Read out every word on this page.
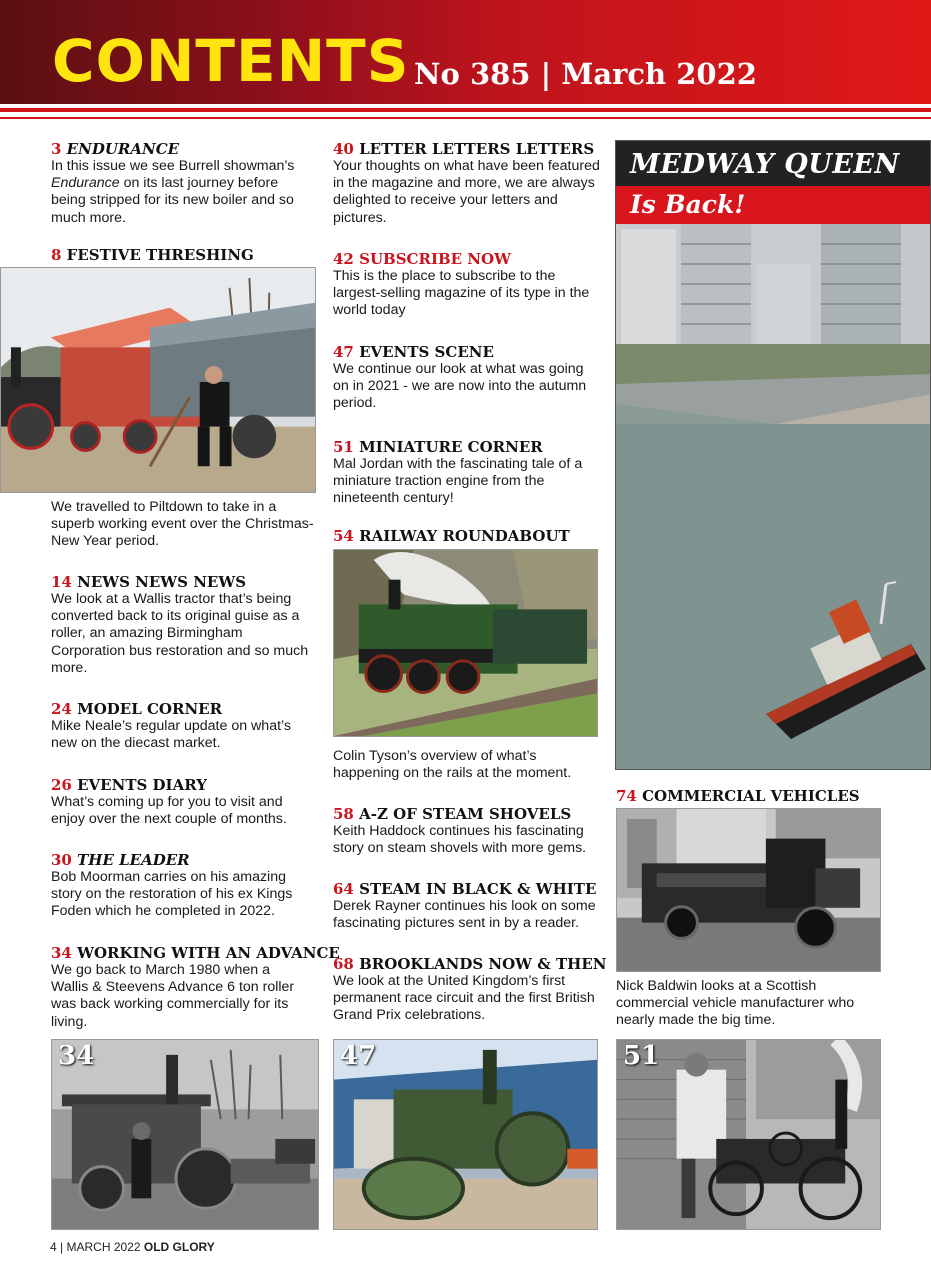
CONTENTS No 385 | March 2022
3 ENDURANCE
In this issue we see Burrell showman’s Endurance on its last journey before being stripped for its new boiler and so much more.
8 FESTIVE THRESHING
We travelled to Piltdown to take in a superb working event over the Christmas-New Year period.
14 NEWS NEWS NEWS
We look at a Wallis tractor that’s being converted back to its original guise as a roller, an amazing Birmingham Corporation bus restoration and so much more.
24 MODEL CORNER
Mike Neale’s regular update on what’s new on the diecast market.
26 EVENTS DIARY
What’s coming up for you to visit and enjoy over the next couple of months.
30 THE LEADER
Bob Moorman carries on his amazing story on the restoration of his ex Kings Foden which he completed in 2022.
34 WORKING WITH AN ADVANCE
We go back to March 1980 when a Wallis & Steevens Advance 6 ton roller was back working commercially for its living.
40 LETTER LETTERS LETTERS
Your thoughts on what have been featured in the magazine and more, we are always delighted to receive your letters and pictures.
42 SUBSCRIBE NOW
This is the place to subscribe to the largest-selling magazine of its type in the world today
47 EVENTS SCENE
We continue our look at what was going on in 2021 - we are now into the autumn period.
51 MINIATURE CORNER
Mal Jordan with the fascinating tale of a miniature traction engine from the nineteenth century!
54 RAILWAY ROUNDABOUT
Colin Tyson’s overview of what’s happening on the rails at the moment.
58 A-Z OF STEAM SHOVELS
Keith Haddock continues his fascinating story on steam shovels with more gems.
64 STEAM IN BLACK & WHITE
Derek Rayner continues his look on some fascinating pictures sent in by a reader.
68 BROOKLANDS NOW & THEN
We look at the United Kingdom’s first permanent race circuit and the first British Grand Prix celebrations.
MEDWAY QUEEN
Is Back!
74 COMMERCIAL VEHICLES
Nick Baldwin looks at a Scottish commercial vehicle manufacturer who nearly made the big time.
34	47	51
4 | MARCH 2022 OLD GLORY
